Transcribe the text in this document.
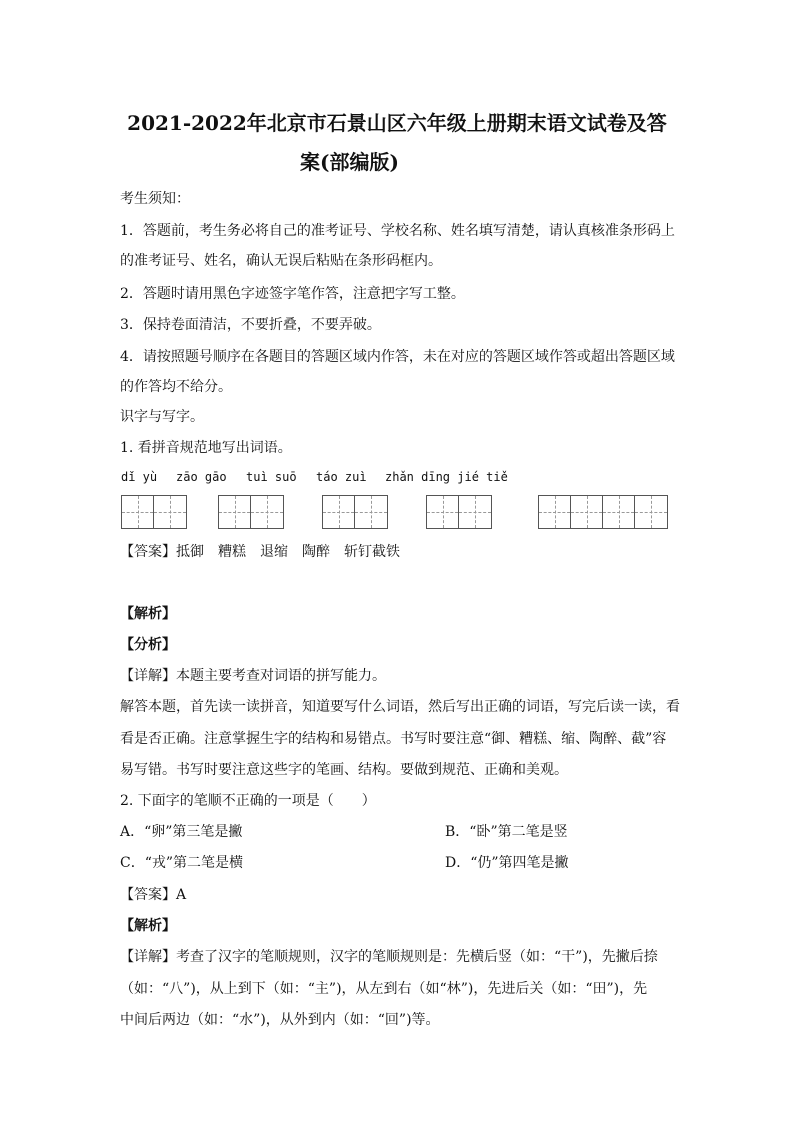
2021-2022年北京市石景山区六年级上册期末语文试卷及答
案(部编版)
考生须知：
1．答题前，考生务必将自己的准考证号、学校名称、姓名填写清楚，请认真核准条形码上
的准考证号、姓名，确认无误后粘贴在条形码框内。
2．答题时请用黑色字迹签字笔作答，注意把字写工整。
3．保持卷面清洁，不要折叠，不要弄破。
4．请按照题号顺序在各题目的答题区域内作答，未在对应的答题区域作答或超出答题区域
的作答均不给分。
识字与写字。
1. 看拼音规范地写出词语。
dǐ yù zāo gāo tuì suō táo zuì zhǎn dīng jié tiě
【答案】抵御　糟糕　退缩　陶醉　斩钉截铁
【解析】
【分析】
【详解】本题主要考查对词语的拼写能力。
解答本题，首先读一读拼音，知道要写什么词语，然后写出正确的词语，写完后读一读，看
看是否正确。注意掌握生字的结构和易错点。书写时要注意“御、糟糕、缩、陶醉、截”容
易写错。书写时要注意这些字的笔画、结构。要做到规范、正确和美观。
2. 下面字的笔顺不正确的一项是（　　）
A．“卵”第三笔是撇	B．“卧”第二笔是竖
C．“戎”第二笔是横	D．“仍”第四笔是撇
【答案】A
【解析】
【详解】考查了汉字的笔顺规则，汉字的笔顺规则是：先横后竖（如：“干”)，先撇后捺
（如：“八”)，从上到下（如：“主”)，从左到右（如“林”)，先进后关（如：“田”)，先
中间后两边（如：“水”)，从外到内（如：“回”)等。
